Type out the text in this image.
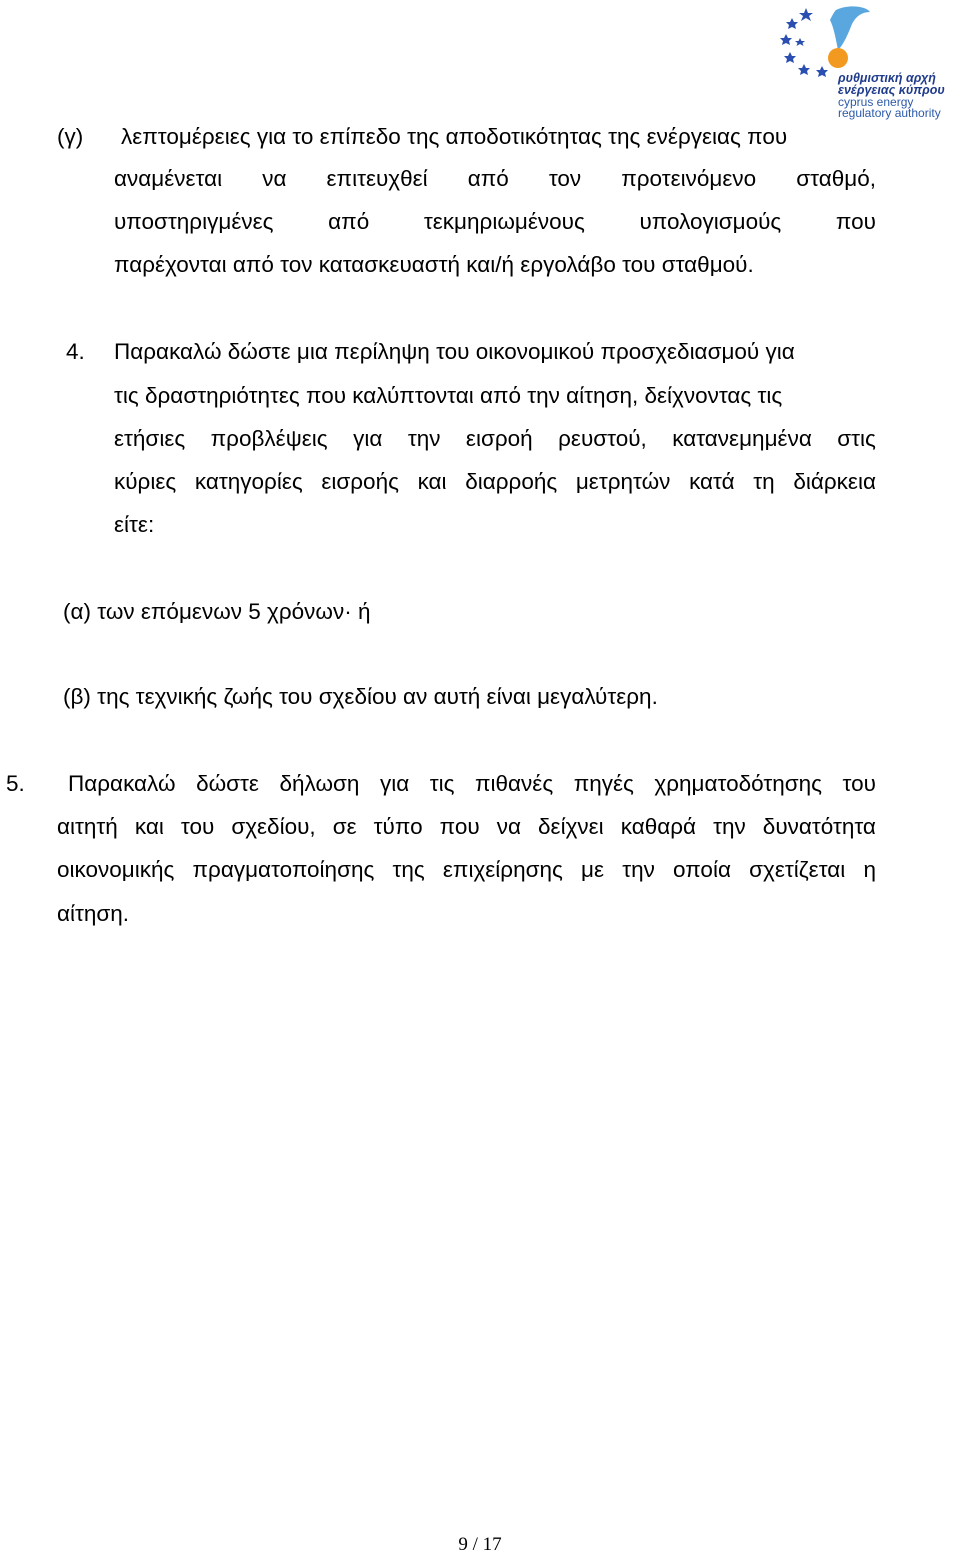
ρυθμιστική αρχή
ενέργειας κύπρου
cyprus energy
regulatory authority
(γ) λεπτομέρειες για το επίπεδο της αποδοτικότητας της ενέργειας που
αναμένεται να επιτευχθεί από τον προτεινόμενο σταθμό,
υποστηριγμένες από τεκμηριωμένους υπολογισμούς που
παρέχονται από τον κατασκευαστή και/ή εργολάβο του σταθμού.
4. Παρακαλώ δώστε μια περίληψη του οικονομικού προσχεδιασμού για
τις δραστηριότητες που καλύπτονται από την αίτηση, δείχνοντας τις
ετήσιες προβλέψεις για την εισροή ρευστού, κατανεμημένα στις
κύριες κατηγορίες εισροής και διαρροής μετρητών κατά τη διάρκεια
είτε:
(α) των επόμενων 5 χρόνων· ή
(β) της τεχνικής ζωής του σχεδίου αν αυτή είναι μεγαλύτερη.
5. Παρακαλώ δώστε δήλωση για τις πιθανές πηγές χρηματοδότησης του
αιτητή και του σχεδίου, σε τύπο που να δείχνει καθαρά την δυνατότητα
οικονομικής πραγματοποίησης της επιχείρησης με την οποία σχετίζεται η
αίτηση.
9 / 17
